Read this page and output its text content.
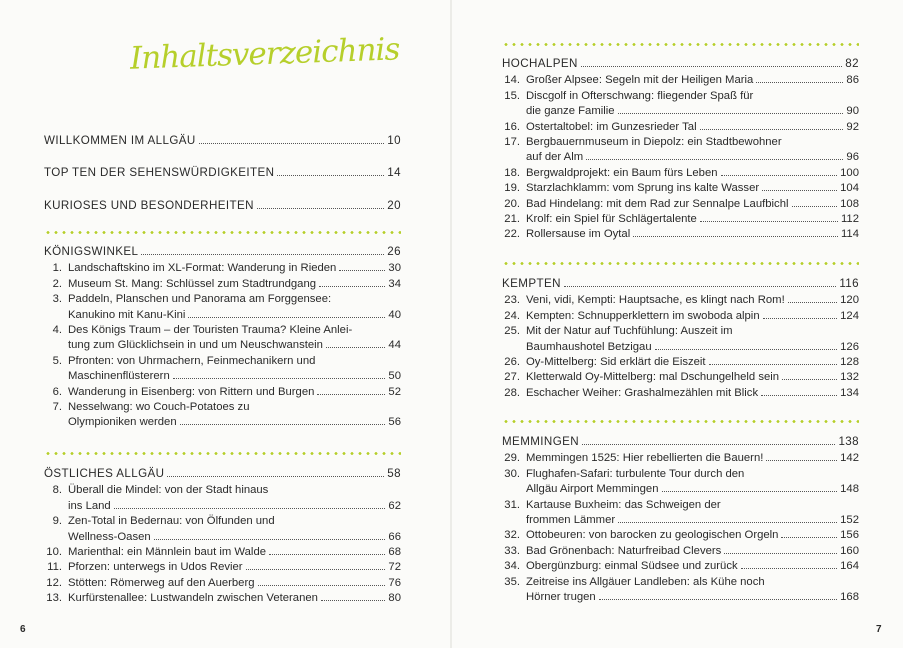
Inhaltsverzeichnis
WILLKOMMEN IM ALLGÄU	10
TOP TEN DER SEHENSWÜRDIGKEITEN	14
KURIOSES UND BESONDERHEITEN	20
KÖNIGSWINKEL	26
1. Landschaftskino im XL-Format: Wanderung in Rieden	30
2. Museum St. Mang: Schlüssel zum Stadtrundgang	34
3. Paddeln, Planschen und Panorama am Forggensee:
Kanukino mit Kanu-Kini	40
4. Des Königs Traum – der Touristen Trauma? Kleine Anlei-
tung zum Glücklichsein in und um Neuschwanstein	44
5. Pfronten: von Uhrmachern, Feinmechanikern und
Maschinenflüsterern	50
6. Wanderung in Eisenberg: von Rittern und Burgen	52
7. Nesselwang: wo Couch-Potatoes zu
Olympioniken werden	56
ÖSTLICHES ALLGÄU	58
8. Überall die Mindel: von der Stadt hinaus
ins Land	62
9. Zen-Total in Bedernau: von Ölfunden und
Wellness-Oasen	66
10. Marienthal: ein Männlein baut im Walde	68
11. Pforzen: unterwegs in Udos Revier	72
12. Stötten: Römerweg auf den Auerberg	76
13. Kurfürstenallee: Lustwandeln zwischen Veteranen	80
6
HOCHALPEN	82
14. Großer Alpsee: Segeln mit der Heiligen Maria	86
15. Discgolf in Ofterschwang: fliegender Spaß für
die ganze Familie	90
16. Ostertaltobel: im Gunzesrieder Tal	92
17. Bergbauernmuseum in Diepolz: ein Stadtbewohner
auf der Alm	96
18. Bergwaldprojekt: ein Baum fürs Leben	100
19. Starzlachklamm: vom Sprung ins kalte Wasser	104
20. Bad Hindelang: mit dem Rad zur Sennalpe Laufbichl	108
21. Krolf: ein Spiel für Schlägertalente	112
22. Rollersause im Oytal	114
KEMPTEN	116
23. Veni, vidi, Kempti: Hauptsache, es klingt nach Rom!	120
24. Kempten: Schnupperklettern im swoboda alpin	124
25. Mit der Natur auf Tuchfühlung: Auszeit im
Baumhaushotel Betzigau	126
26. Oy-Mittelberg: Sid erklärt die Eiszeit	128
27. Kletterwald Oy-Mittelberg: mal Dschungelheld sein	132
28. Eschacher Weiher: Grashalmezählen mit Blick	134
MEMMINGEN	138
29. Memmingen 1525: Hier rebellierten die Bauern!	142
30. Flughafen-Safari: turbulente Tour durch den
Allgäu Airport Memmingen	148
31. Kartause Buxheim: das Schweigen der
frommen Lämmer	152
32. Ottobeuren: von barocken zu geologischen Orgeln	156
33. Bad Grönenbach: Naturfreibad Clevers	160
34. Obergünzburg: einmal Südsee und zurück	164
35. Zeitreise ins Allgäuer Landleben: als Kühe noch
Hörner trugen	168
7
